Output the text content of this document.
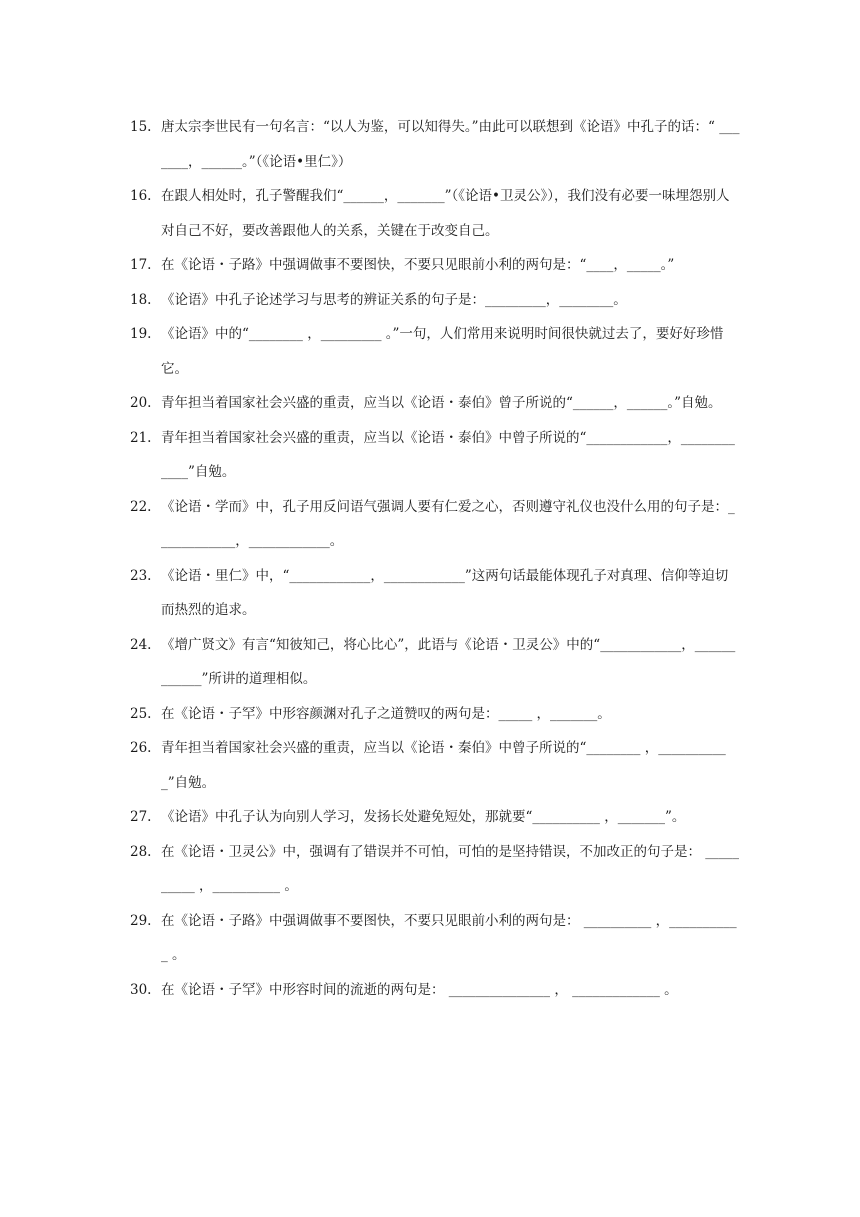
15. 唐太宗李世民有一句名言：“以人为鉴，可以知得失。”由此可以联想到《论语》中孔子的话：“ _______，______。”（《论语•里仁》）
16. 在跟人相处时，孔子警醒我们“______，_______”（《论语•卫灵公》），我们没有必要一味埋怨别人对自己不好，要改善跟他人的关系，关键在于改变自己。
17. 在《论语・子路》中强调做事不要图快，不要只见眼前小利的两句是：“____，_____。”
18. 《论语》中孔子论述学习与思考的辨证关系的句子是：_________，________。
19. 《论语》中的“________ ，_________ 。”一句，人们常用来说明时间很快就过去了，要好好珍惜它。
20. 青年担当着国家社会兴盛的重责，应当以《论语・泰伯》曾子所说的“______，______。”自勉。
21. 青年担当着国家社会兴盛的重责，应当以《论语・泰伯》中曾子所说的“____________，____________”自勉。
22. 《论语・学而》中，孔子用反问语气强调人要有仁爱之心，否则遵守礼仪也没什么用的句子是：____________，____________。
23. 《论语・里仁》中，“____________，____________”这两句话最能体现孔子对真理、信仰等迫切而热烈的追求。
24. 《增广贤文》有言“知彼知己，将心比心”，此语与《论语・卫灵公》中的“____________，____________”所讲的道理相似。
25. 在《论语・子罕》中形容颜渊对孔子之道赞叹的两句是：_____ ，_______。
26. 青年担当着国家社会兴盛的重责，应当以《论语・秦伯》中曾子所说的“________ ，___________”自勉。
27. 《论语》中孔子认为向别人学习，发扬长处避免短处，那就要“__________ ，_______”。
28. 在《论语・卫灵公》中，强调有了错误并不可怕，可怕的是坚持错误，不加改正的句子是： __________ ，__________ 。
29. 在《论语・子路》中强调做事不要图快，不要只见眼前小利的两句是： __________ ，___________ 。
30. 在《论语・子罕》中形容时间的流逝的两句是： _______________ ， _____________ 。
